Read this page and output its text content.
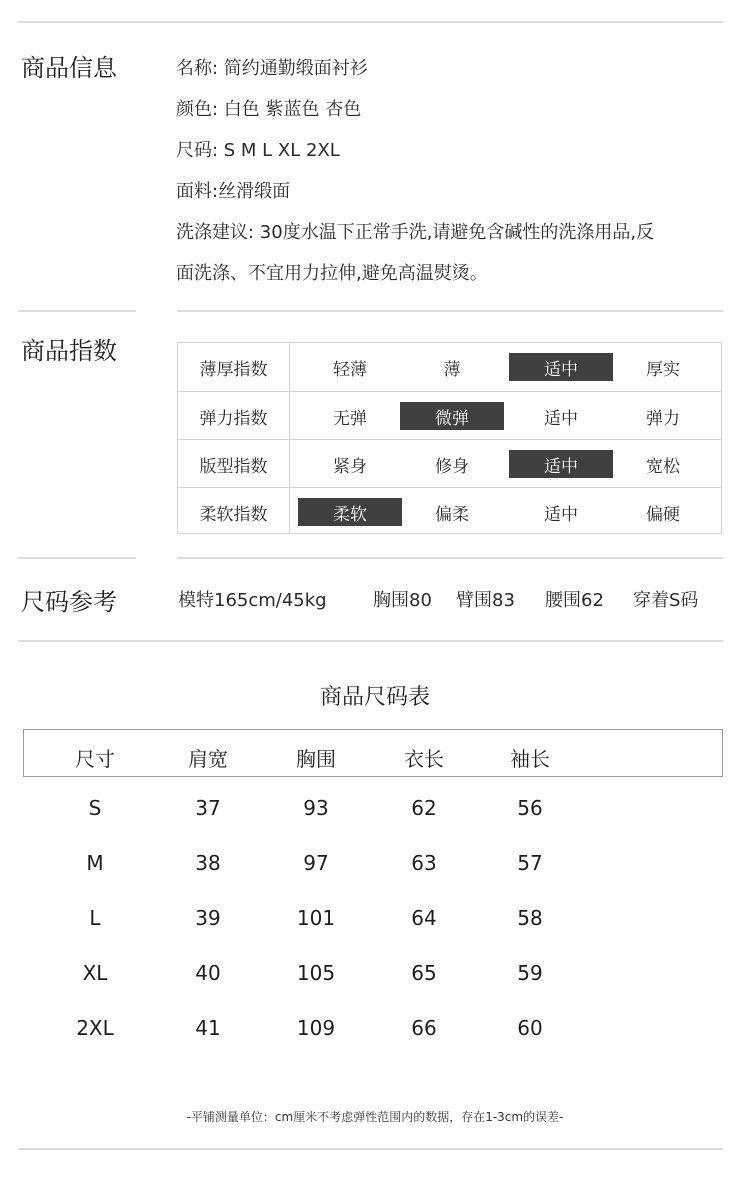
商品信息	名称: 简约通勤缎面衬衫
颜色: 白色 紫蓝色 杏色
尺码: S M L XL 2XL
面料:丝滑缎面
洗涤建议: 30度水温下正常手洗,请避免含碱性的洗涤用品,反
面洗涤、不宜用力拉伸,避免高温熨烫。
商品指数
薄厚指数	轻薄	薄	适中	厚实
弹力指数	无弹	微弹	适中	弹力
版型指数	紧身	修身	适中	宽松
柔软指数	柔软	偏柔	适中	偏硬
尺码参考	模特165cm/45kg	胸围80 臂围83 腰围62 穿着S码
商品尺码表
尺寸	肩宽	胸围	衣长	袖长
S	37	93	62	56
M	38	97	63	57
L	39	101	64	58
XL	40	105	65	59
2XL	41	109	66	60
-平铺测量单位：cm厘米不考虑弹性范围内的数据，存在1-3cm的误差-
